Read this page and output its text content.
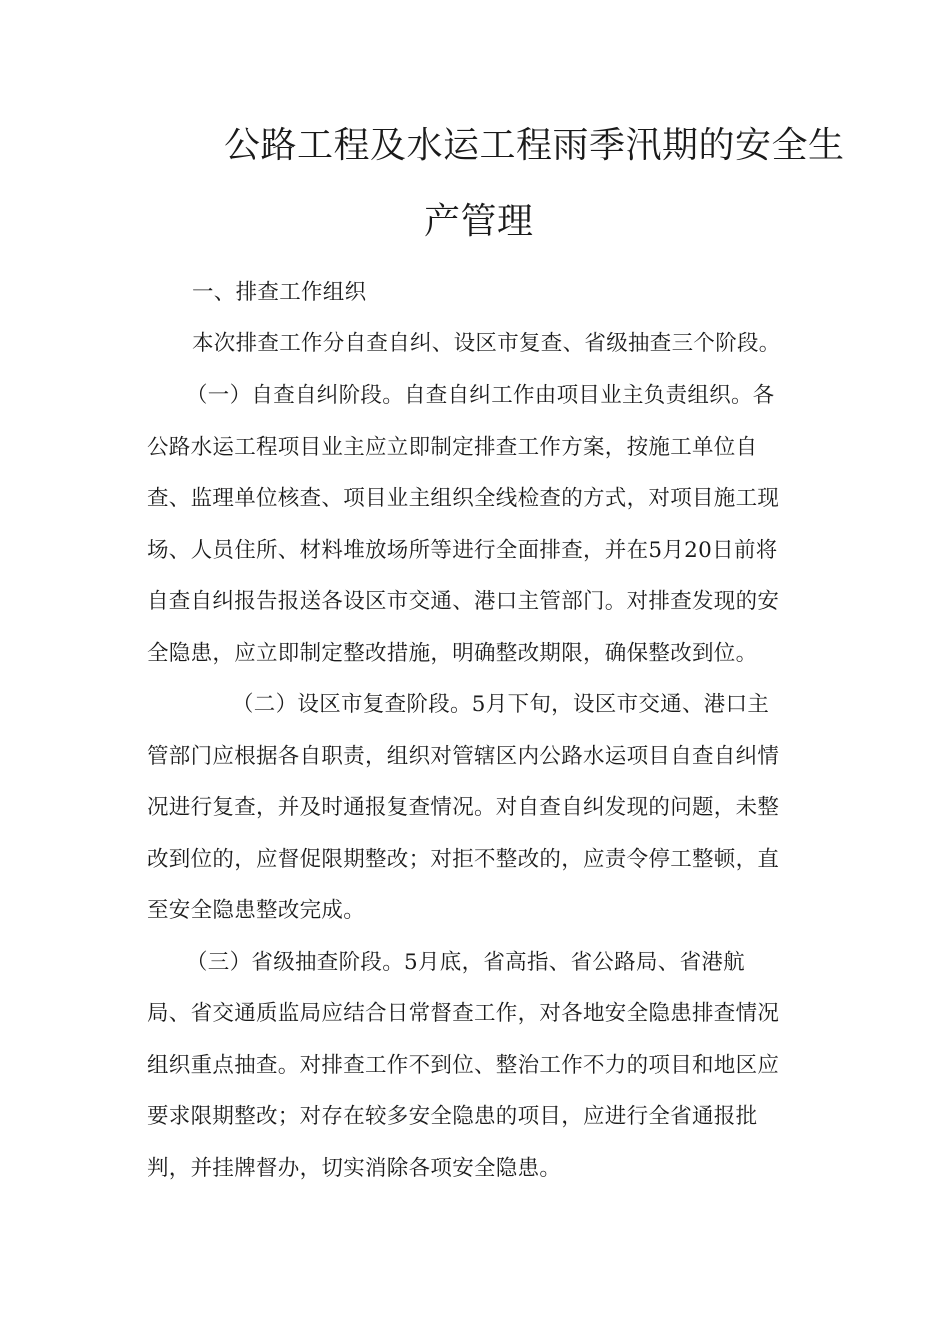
公路工程及水运工程雨季汛期的安全生
产管理
一、排查工作组织
本次排查工作分自查自纠、设区市复查、省级抽查三个阶段。
（一）自查自纠阶段。自查自纠工作由项目业主负责组织。各
公路水运工程项目业主应立即制定排查工作方案，按施工单位自
查、监理单位核查、项目业主组织全线检查的方式，对项目施工现
场、人员住所、材料堆放场所等进行全面排查，并在5月20日前将
自查自纠报告报送各设区市交通、港口主管部门。对排查发现的安
全隐患，应立即制定整改措施，明确整改期限，确保整改到位。
（二）设区市复查阶段。5月下旬，设区市交通、港口主
管部门应根据各自职责，组织对管辖区内公路水运项目自查自纠情
况进行复查，并及时通报复查情况。对自查自纠发现的问题，未整
改到位的，应督促限期整改；对拒不整改的，应责令停工整顿，直
至安全隐患整改完成。
（三）省级抽查阶段。5月底，省高指、省公路局、省港航
局、省交通质监局应结合日常督查工作，对各地安全隐患排查情况
组织重点抽查。对排查工作不到位、整治工作不力的项目和地区应
要求限期整改；对存在较多安全隐患的项目，应进行全省通报批
判，并挂牌督办，切实消除各项安全隐患。
